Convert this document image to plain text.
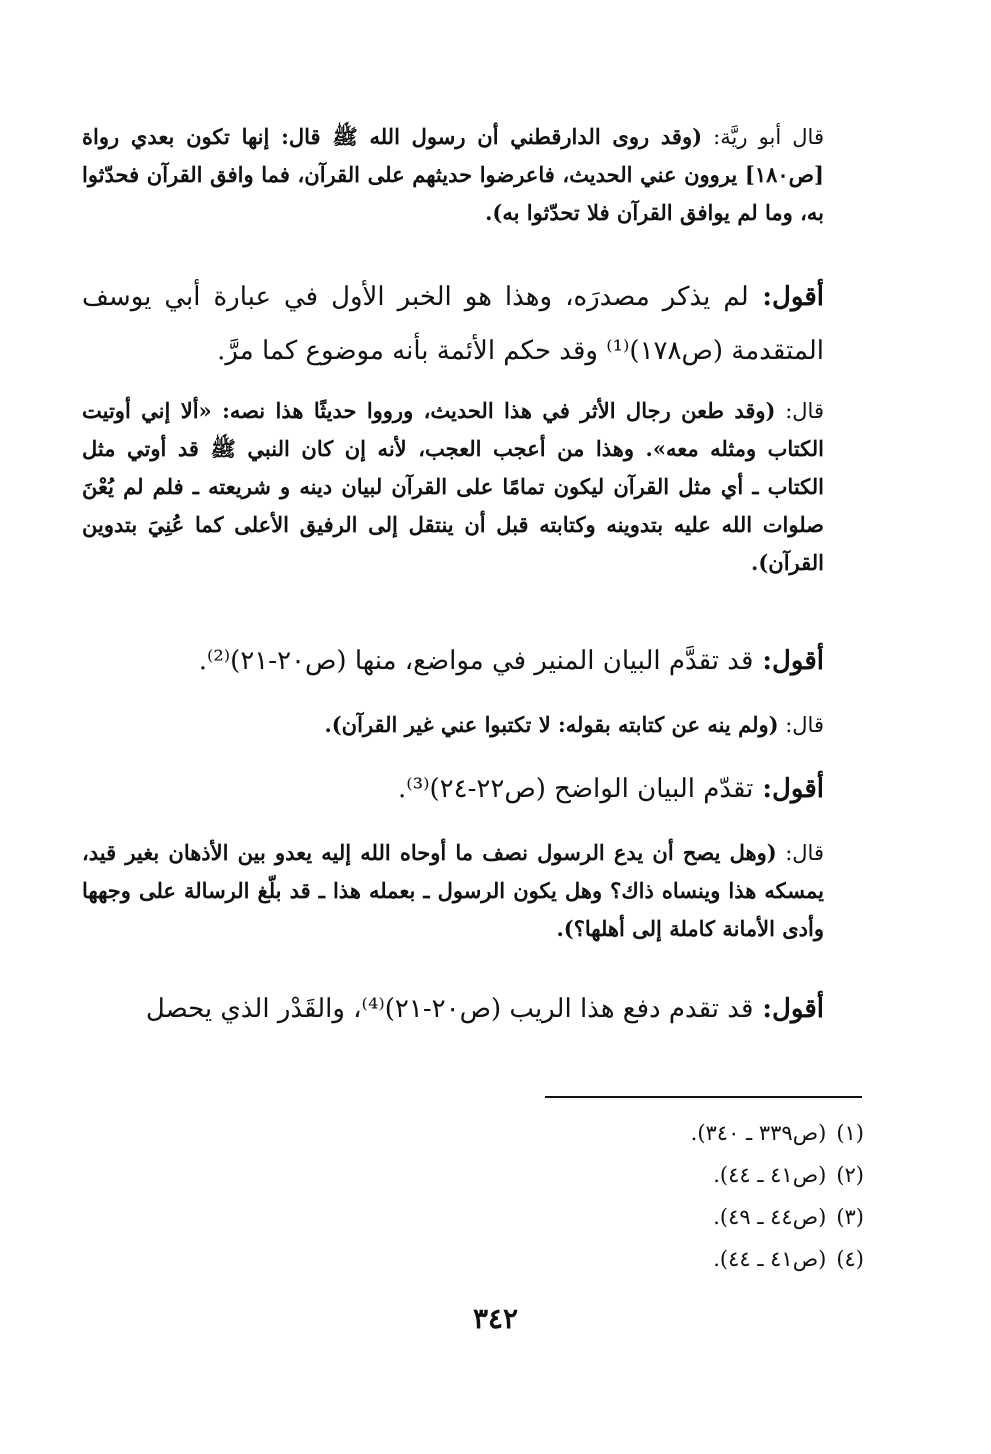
قال أبو ريَّة: (وقد روى الدارقطني أن رسول الله ﷺ قال: إنها تكون بعدي رواة [ص١٨٠] يروون عني الحديث، فاعرضوا حديثهم على القرآن، فما وافق القرآن فحدّثوا به، وما لم يوافق القرآن فلا تحدّثوا به).
أقول: لم يذكر مصدرَه، وهذا هو الخبر الأول في عبارة أبي يوسف المتقدمة (ص١٧٨)⁽¹⁾ وقد حكم الأئمة بأنه موضوع كما مرَّ.
قال: (وقد طعن رجال الأثر في هذا الحديث، ورووا حديثًا هذا نصه: «ألا إني أوتيت الكتاب ومثله معه». وهذا من أعجب العجب، لأنه إن كان النبي ﷺ قد أوتي مثل الكتاب ـ أي مثل القرآن ليكون تمامًا على القرآن لبيان دينه و شريعته ـ فلم لم يُعْنَ صلوات الله عليه بتدوينه وكتابته قبل أن ينتقل إلى الرفيق الأعلى كما عُنِيَ بتدوين القرآن).
أقول: قد تقدَّم البيان المنير في مواضع، منها (ص٢٠-٢١)⁽²⁾.
قال: (ولم ينه عن كتابته بقوله: لا تكتبوا عني غير القرآن).
أقول: تقدّم البيان الواضح (ص٢٢-٢٤)⁽³⁾.
قال: (وهل يصح أن يدع الرسول نصف ما أوحاه الله إليه يعدو بين الأذهان بغير قيد، يمسكه هذا وينساه ذاك؟ وهل يكون الرسول ـ بعمله هذا ـ قد بلّغ الرسالة على وجهها وأدى الأمانة كاملة إلى أهلها؟).
أقول: قد تقدم دفع هذا الريب (ص٢٠-٢١)⁽⁴⁾، والقَدْر الذي يحصل
(١)(ص٣٣٩ ـ ٣٤٠).
(٢)(ص٤١ ـ ٤٤).
(٣)(ص٤٤ ـ ٤٩).
(٤)(ص٤١ ـ ٤٤).
٣٤٢
